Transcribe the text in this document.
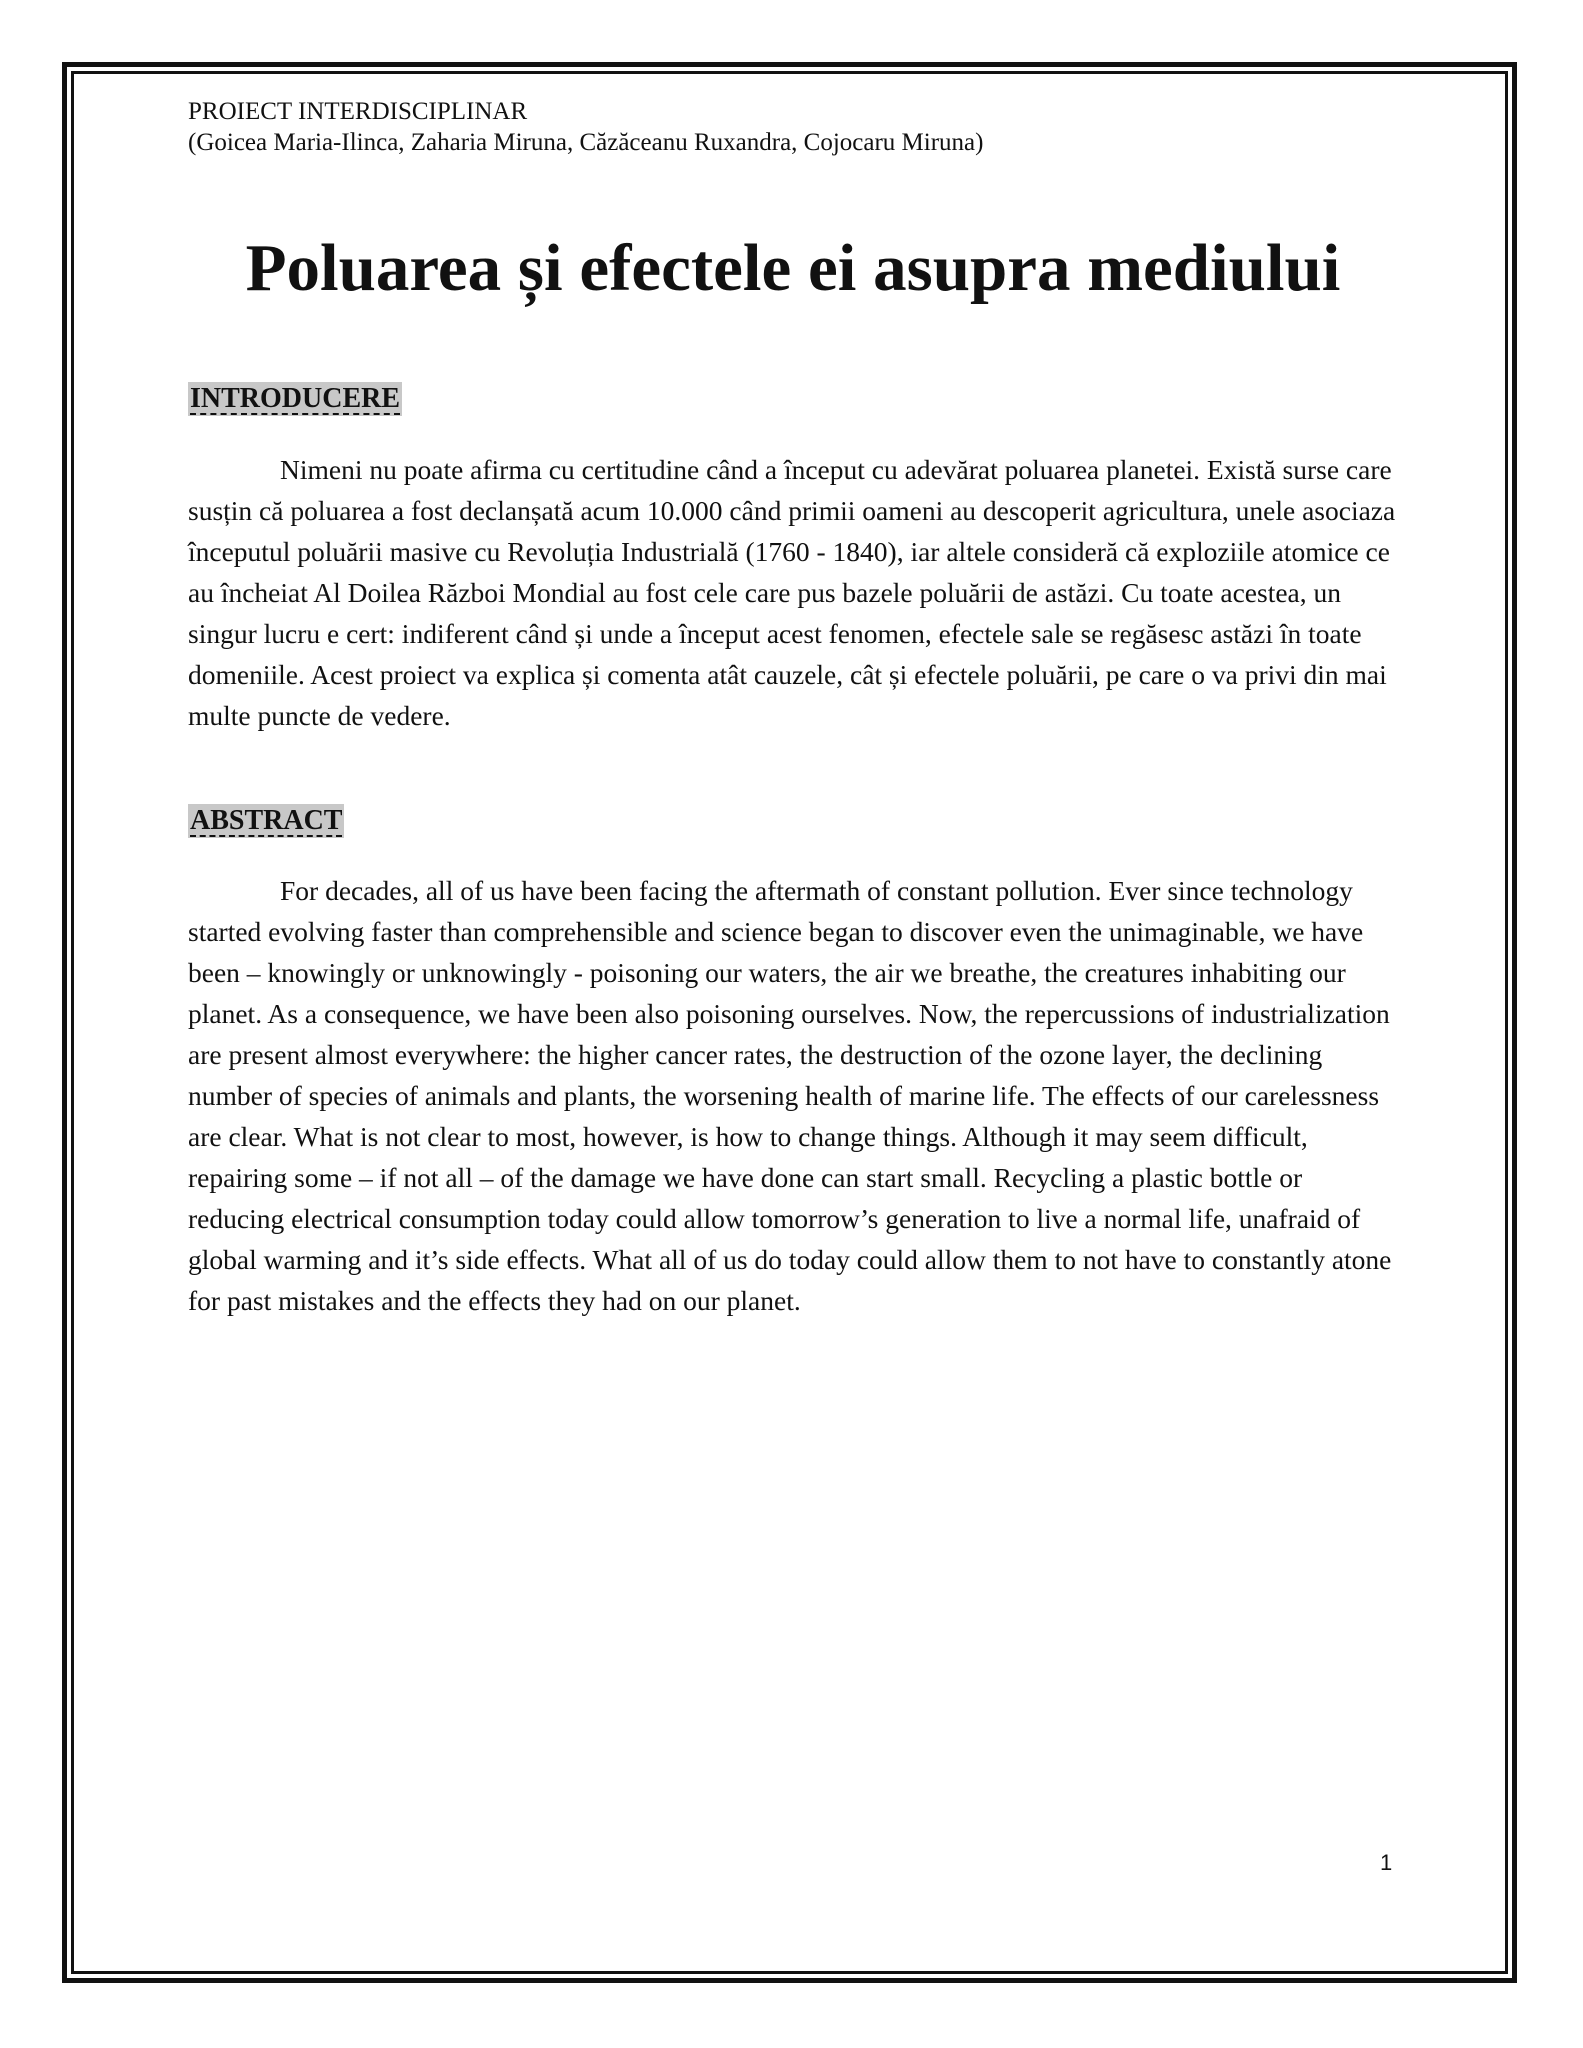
PROIECT INTERDISCIPLINAR

(Goicea Maria-Ilinca, Zaharia Miruna, Căzăceanu Ruxandra, Cojocaru Miruna)

Poluarea și efectele ei asupra mediului
INTRODUCERE

Nimeni nu poate afirma cu certitudine când a început cu adevărat poluarea planetei. Există surse care susțin că poluarea a fost declanșată acum 10.000 când primii oameni au descoperit agricultura, unele asociaza începutul poluării masive cu Revoluția Industrială (1760 - 1840), iar altele consideră că exploziile atomice ce au încheiat Al Doilea Război Mondial au fost cele care pus bazele poluării de astăzi. Cu toate acestea, un singur lucru e cert: indiferent când și unde a început acest fenomen, efectele sale se regăsesc astăzi în toate domeniile. Acest proiect va explica și comenta atât cauzele, cât și efectele poluării, pe care o va privi din mai multe puncte de vedere.

ABSTRACT

For decades, all of us have been facing the aftermath of constant pollution. Ever since technology started evolving faster than comprehensible and science began to discover even the unimaginable, we have been – knowingly or unknowingly - poisoning our waters, the air we breathe, the creatures inhabiting our planet. As a consequence, we have been also poisoning ourselves. Now, the repercussions of industrialization are present almost everywhere: the higher cancer rates, the destruction of the ozone layer, the declining number of species of animals and plants, the worsening health of marine life. The effects of our carelessness are clear. What is not clear to most, however, is how to change things. Although it may seem difficult, repairing some – if not all – of the damage we have done can start small. Recycling a plastic bottle or reducing electrical consumption today could allow tomorrow’s generation to live a normal life, unafraid of global warming and it’s side effects. What all of us do today could allow them to not have to constantly atone for past mistakes and the effects they had on our planet.

1
